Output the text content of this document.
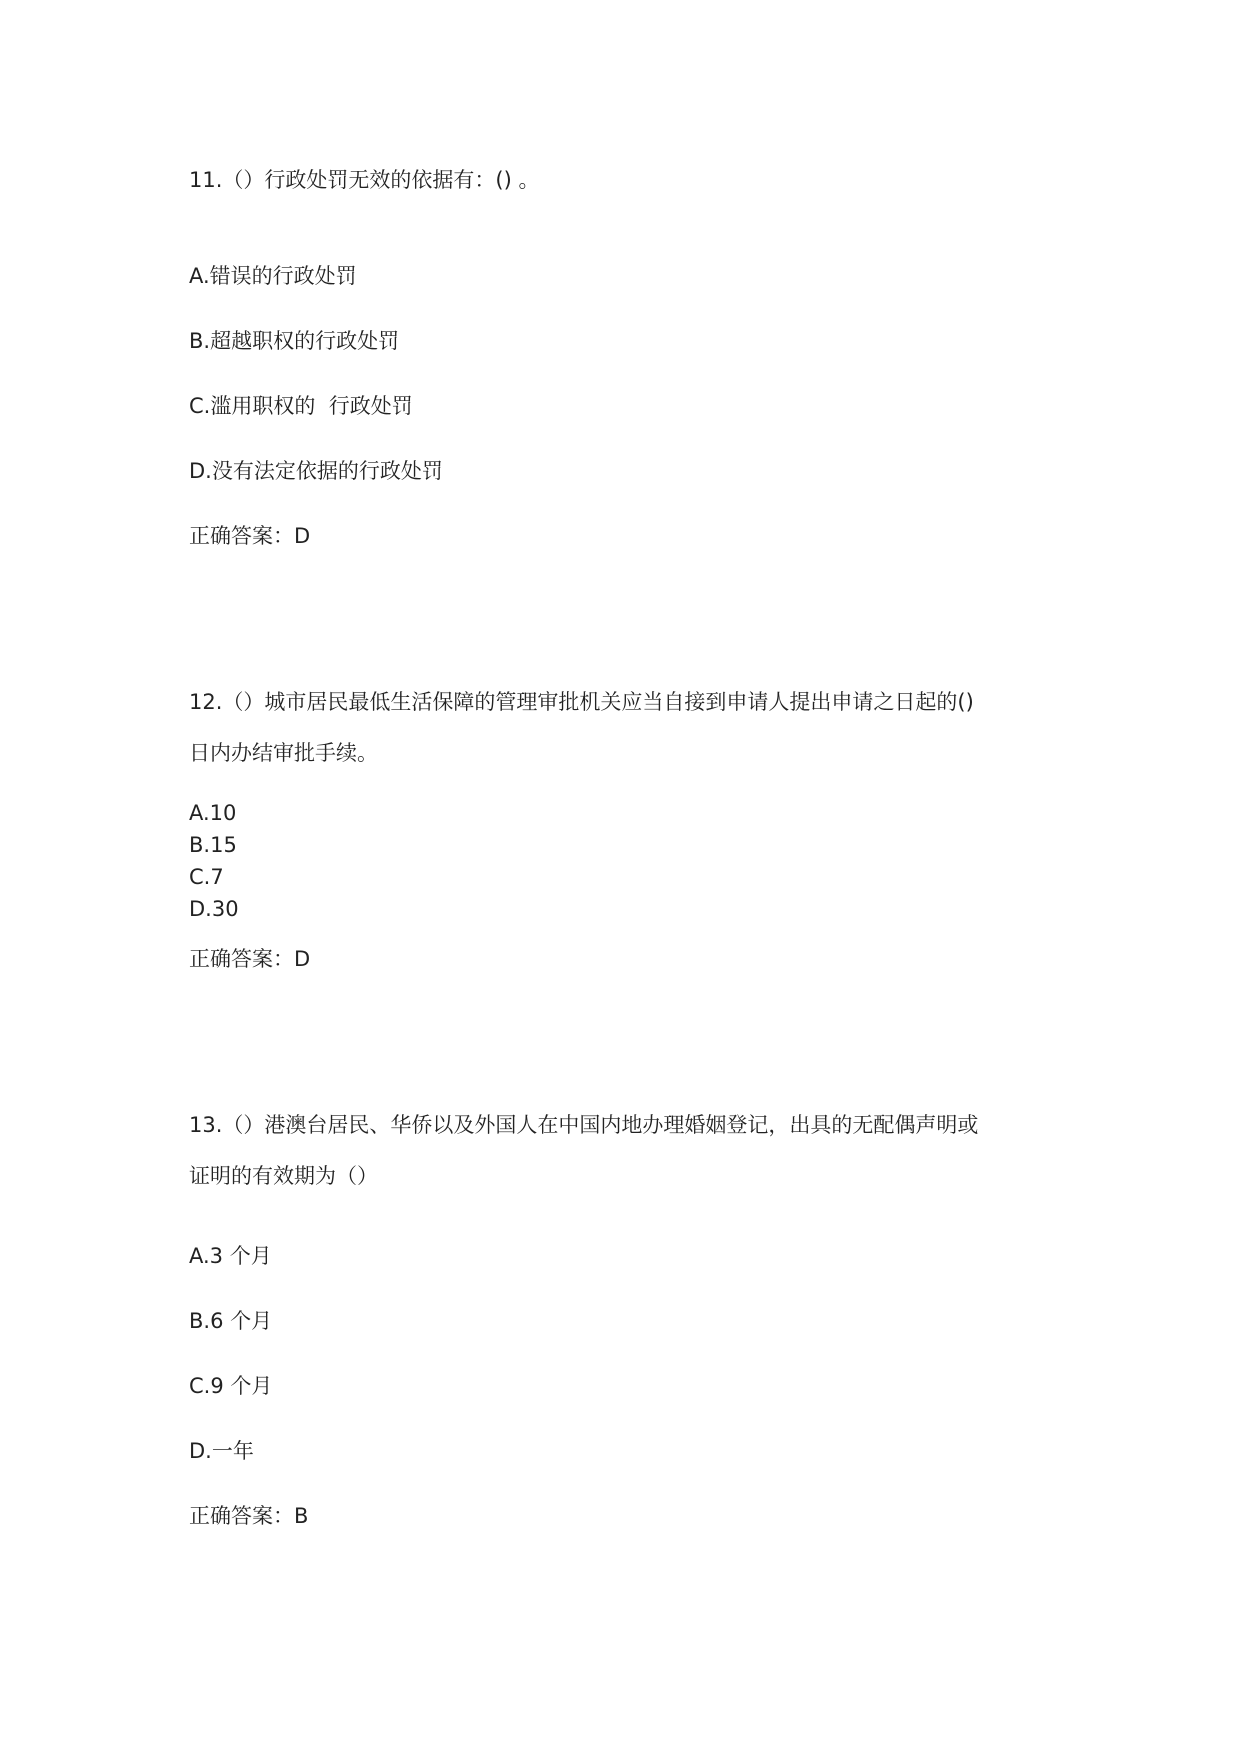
11.（）行政处罚无效的依据有：() 。
A.错误的行政处罚
B.超越职权的行政处罚
C.滥用职权的  行政处罚
D.没有法定依据的行政处罚
正确答案：D
12.（）城市居民最低生活保障的管理审批机关应当自接到申请人提出申请之日起的()
日内办结审批手续。
A.10
B.15
C.7
D.30
正确答案：D
13.（）港澳台居民、华侨以及外国人在中国内地办理婚姻登记，出具的无配偶声明或
证明的有效期为（）
A.3 个月
B.6 个月
C.9 个月
D.一年
正确答案：B
